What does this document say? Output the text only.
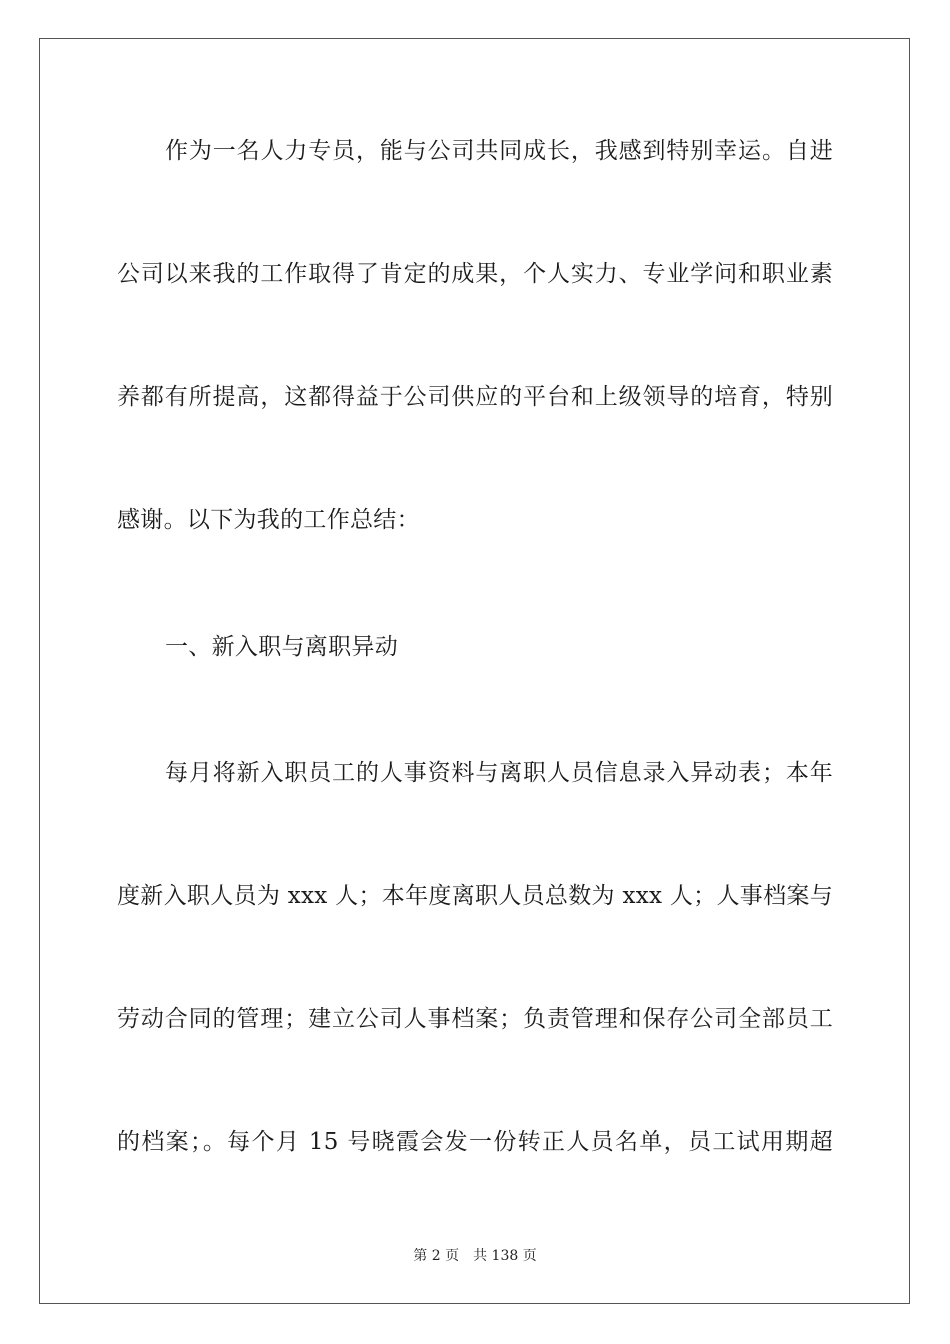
作为一名人力专员，能与公司共同成长，我感到特别幸运。自进
公司以来我的工作取得了肯定的成果，个人实力、专业学问和职业素
养都有所提高，这都得益于公司供应的平台和上级领导的培育，特别
感谢。以下为我的工作总结：
一、新入职与离职异动
每月将新入职员工的人事资料与离职人员信息录入异动表；本年
度新入职人员为 xxx 人；本年度离职人员总数为 xxx 人；人事档案与
劳动合同的管理；建立公司人事档案；负责管理和保存公司全部员工
的档案；。每个月 15 号晓霞会发一份转正人员名单，员工试用期超
第 2 页 共 138 页
